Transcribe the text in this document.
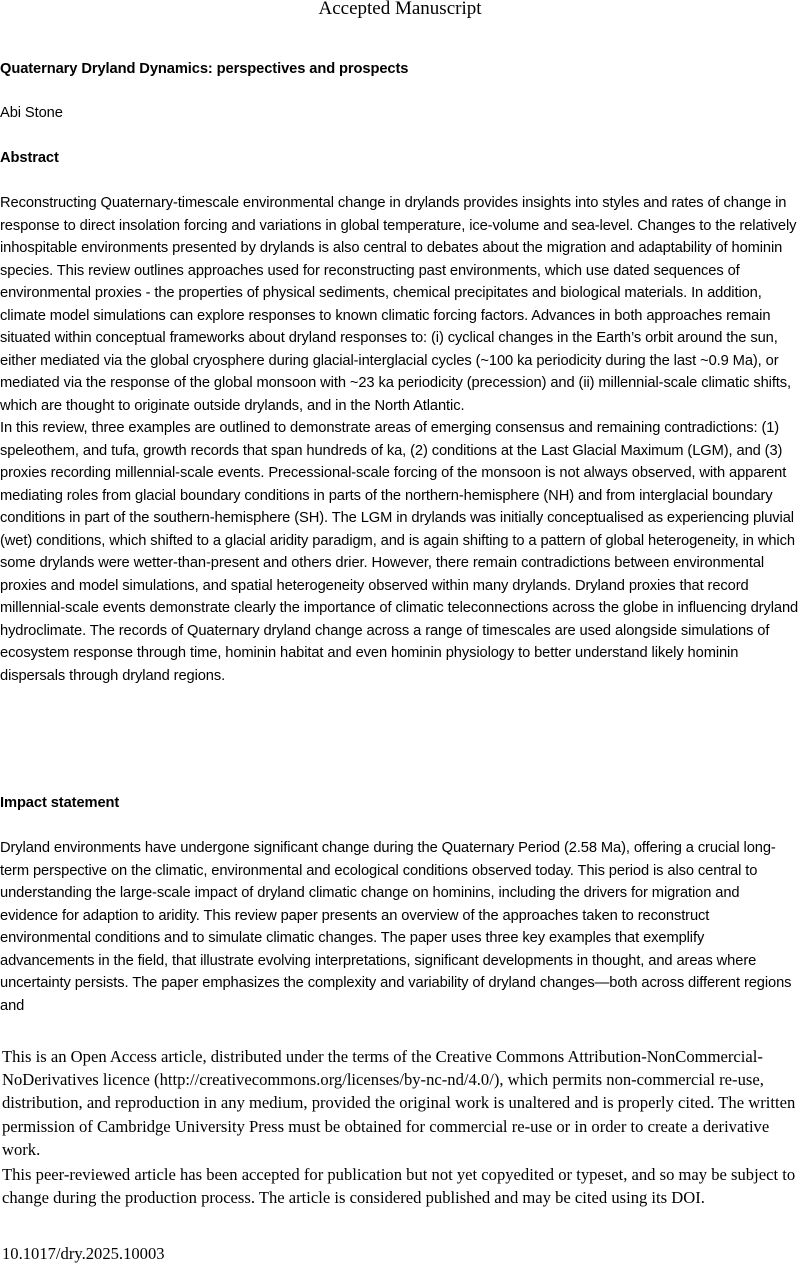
Accepted Manuscript
Quaternary Dryland Dynamics: perspectives and prospects
Abi Stone
Abstract

Reconstructing Quaternary-timescale environmental change in drylands provides insights into styles and rates of change in response to direct insolation forcing and variations in global temperature, ice-volume and sea-level. Changes to the relatively inhospitable environments presented by drylands is also central to debates about the migration and adaptability of hominin species. This review outlines approaches used for reconstructing past environments, which use dated sequences of environmental proxies - the properties of physical sediments, chemical precipitates and biological materials. In addition, climate model simulations can explore responses to known climatic forcing factors. Advances in both approaches remain situated within conceptual frameworks about dryland responses to: (i) cyclical changes in the Earth’s orbit around the sun, either mediated via the global cryosphere during glacial-interglacial cycles (~100 ka periodicity during the last ~0.9 Ma), or mediated via the response of the global monsoon with ~23 ka periodicity (precession) and (ii) millennial-scale climatic shifts, which are thought to originate outside drylands, and in the North Atlantic.

In this review, three examples are outlined to demonstrate areas of emerging consensus and remaining contradictions: (1) speleothem, and tufa, growth records that span hundreds of ka, (2) conditions at the Last Glacial Maximum (LGM), and (3) proxies recording millennial-scale events. Precessional-scale forcing of the monsoon is not always observed, with apparent mediating roles from glacial boundary conditions in parts of the northern-hemisphere (NH) and from interglacial boundary conditions in part of the southern-hemisphere (SH). The LGM in drylands was initially conceptualised as experiencing pluvial (wet) conditions, which shifted to a glacial aridity paradigm, and is again shifting to a pattern of global heterogeneity, in which some drylands were wetter-than-present and others drier. However, there remain contradictions between environmental proxies and model simulations, and spatial heterogeneity observed within many drylands. Dryland proxies that record millennial-scale events demonstrate clearly the importance of climatic teleconnections across the globe in influencing dryland hydroclimate. The records of Quaternary dryland change across a range of timescales are used alongside simulations of ecosystem response through time, hominin habitat and even hominin physiology to better understand likely hominin dispersals through dryland regions.

Impact statement

Dryland environments have undergone significant change during the Quaternary Period (2.58 Ma), offering a crucial long-term perspective on the climatic, environmental and ecological conditions observed today. This period is also central to understanding the large-scale impact of dryland climatic change on hominins, including the drivers for migration and evidence for adaption to aridity. This review paper presents an overview of the approaches taken to reconstruct environmental conditions and to simulate climatic changes. The paper uses three key examples that exemplify advancements in the field, that illustrate evolving interpretations, significant developments in thought, and areas where uncertainty persists. The paper emphasizes the complexity and variability of dryland changes—both across different regions and

This is an Open Access article, distributed under the terms of the Creative Commons Attribution-NonCommercial-NoDerivatives licence (http://creativecommons.org/licenses/by-nc-nd/4.0/), which permits non-commercial re-use, distribution, and reproduction in any medium, provided the original work is unaltered and is properly cited. The written permission of Cambridge University Press must be obtained for commercial re-use or in order to create a derivative work.
This peer-reviewed article has been accepted for publication but not yet copyedited or typeset, and so may be subject to change during the production process. The article is considered published and may be cited using its DOI.
10.1017/dry.2025.10003
